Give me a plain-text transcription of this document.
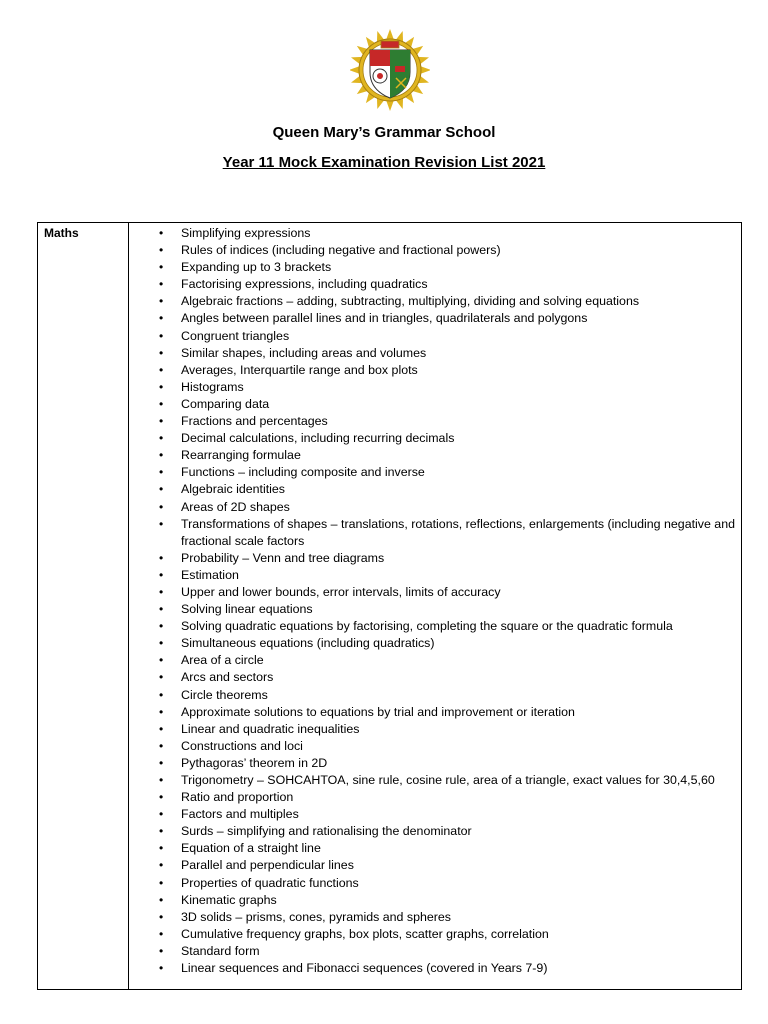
Queen Mary’s Grammar School
Year 11 Mock Examination Revision List 2021
Maths	• Simplifying expressions
• Rules of indices (including negative and fractional powers)
• Expanding up to 3 brackets
• Factorising expressions, including quadratics
• Algebraic fractions – adding, subtracting, multiplying, dividing and solving equations
• Angles between parallel lines and in triangles, quadrilaterals and polygons
• Congruent triangles
• Similar shapes, including areas and volumes
• Averages, Interquartile range and box plots
• Histograms
• Comparing data
• Fractions and percentages
• Decimal calculations, including recurring decimals
• Rearranging formulae
• Functions – including composite and inverse
• Algebraic identities
• Areas of 2D shapes
• Transformations of shapes – translations, rotations, reflections, enlargements (including negative and fractional scale factors
• Probability – Venn and tree diagrams
• Estimation
• Upper and lower bounds, error intervals, limits of accuracy
• Solving linear equations
• Solving quadratic equations by factorising, completing the square or the quadratic formula
• Simultaneous equations (including quadratics)
• Area of a circle
• Arcs and sectors
• Circle theorems
• Approximate solutions to equations by trial and improvement or iteration
• Linear and quadratic inequalities
• Constructions and loci
• Pythagoras’ theorem in 2D
• Trigonometry – SOHCAHTOA, sine rule, cosine rule, area of a triangle, exact values for 30,4,5,60
• Ratio and proportion
• Factors and multiples
• Surds – simplifying and rationalising the denominator
• Equation of a straight line
• Parallel and perpendicular lines
• Properties of quadratic functions
• Kinematic graphs
• 3D solids – prisms, cones, pyramids and spheres
• Cumulative frequency graphs, box plots, scatter graphs, correlation
• Standard form
• Linear sequences and Fibonacci sequences (covered in Years 7-9)
